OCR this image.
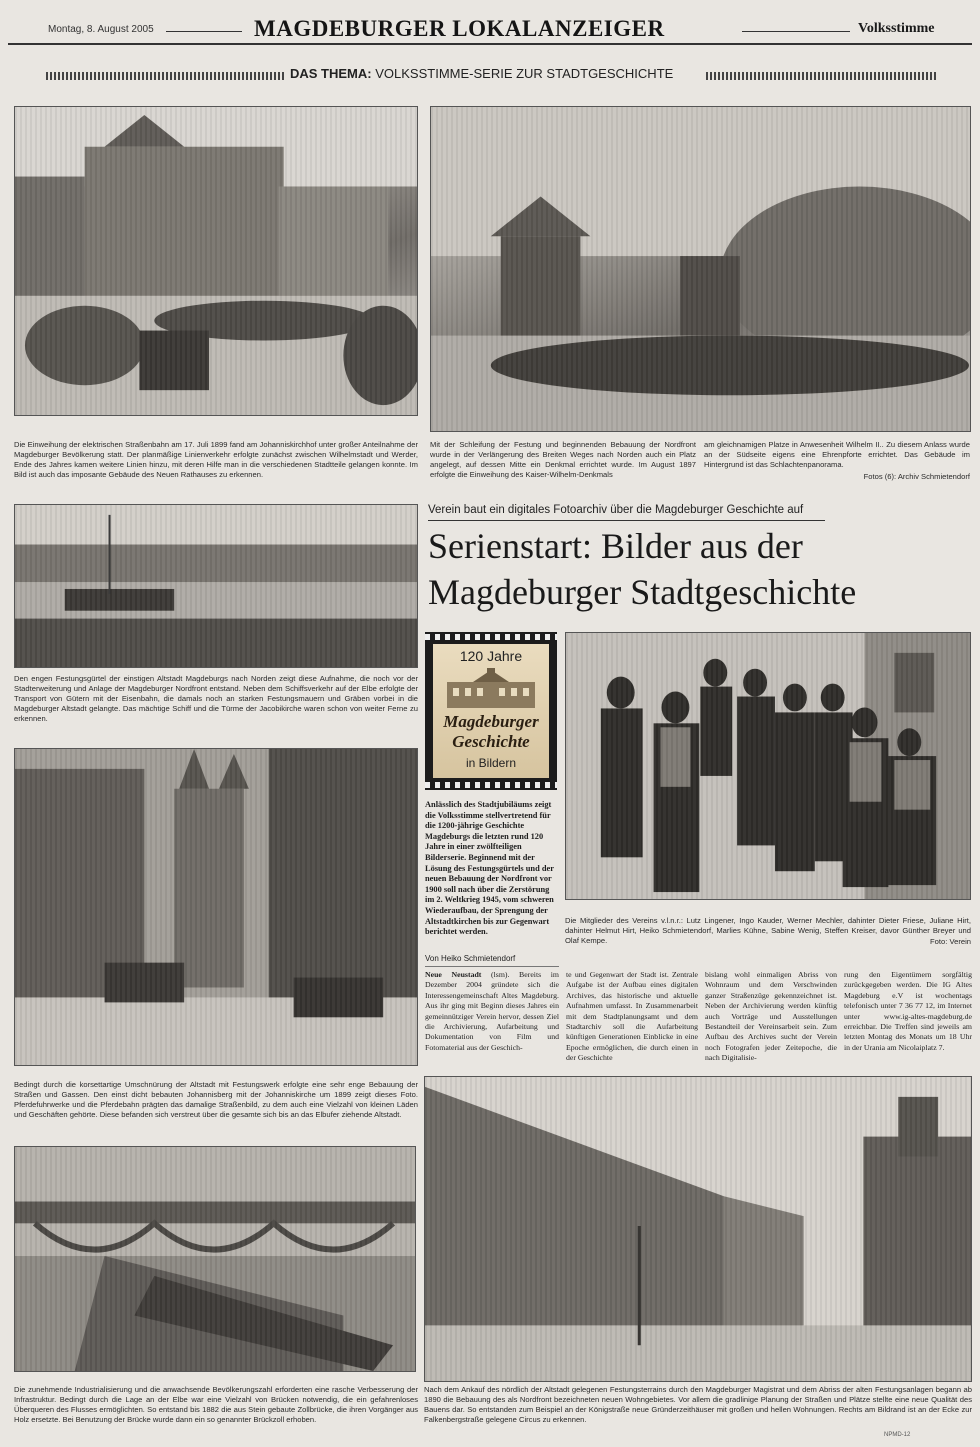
Montag, 8. August 2005	MAGDEBURGER LOKALANZEIGER	Volksstimme
DAS THEMA: VOLKSSTIMME-SERIE ZUR STADTGESCHICHTE
Die Einweihung der elektrischen Straßenbahn am 17. Juli 1899 fand am Johanniskirchhof unter großer Anteilnahme der Magdeburger Bevölkerung statt. Der planmäßige Linienverkehr erfolgte zunächst zwischen Wilhelmstadt und Werder, Ende des Jahres kamen weitere Linien hinzu, mit deren Hilfe man in die verschiedenen Stadtteile gelangen konnte. Im Bild ist auch das imposante Gebäude des Neuen Rathauses zu erkennen.
Mit der Schleifung der Festung und beginnenden Bebauung der Nordfront wurde in der Verlängerung des Breiten Weges nach Norden auch ein Platz angelegt, auf dessen Mitte ein Denkmal errichtet wurde. Im August 1897 erfolgte die Einweihung des Kaiser-Wilhelm-Denkmals
am gleichnamigen Platze in Anwesenheit Wilhelm II.. Zu diesem Anlass wurde an der Südseite eigens eine Ehrenpforte errichtet. Das Gebäude im Hintergrund ist das Schlachtenpanorama.
Fotos (6): Archiv Schmietendorf
Den engen Festungsgürtel der einstigen Altstadt Magdeburgs nach Norden zeigt diese Aufnahme, die noch vor der Stadterweiterung und Anlage der Magdeburger Nordfront entstand. Neben dem Schiffsverkehr auf der Elbe erfolgte der Transport von Gütern mit der Eisenbahn, die damals noch an starken Festungsmauern und Gräben vorbei in die Magdeburger Altstadt gelangte. Das mächtige Schiff und die Türme der Jacobikirche waren schon von weiter Ferne zu erkennen.
Bedingt durch die korsettartige Umschnürung der Altstadt mit Festungswerk erfolgte eine sehr enge Bebauung der Straßen und Gassen. Den einst dicht bebauten Johannisberg mit der Johanniskirche um 1899 zeigt dieses Foto. Pferdefuhrwerke und die Pferdebahn prägten das damalige Straßenbild, zu dem auch eine Vielzahl von kleinen Läden und Geschäften gehörte. Diese befanden sich verstreut über die gesamte sich bis an das Elbufer ziehende Altstadt.
Die zunehmende Industrialisierung und die anwachsende Bevölkerungszahl erforderten eine rasche Verbesserung der Infrastruktur. Bedingt durch die Lage an der Elbe war eine Vielzahl von Brücken notwendig, die ein gefahrenloses Überqueren des Flusses ermöglichten. So entstand bis 1882 die aus Stein gebaute Zollbrücke, die ihren Vorgänger aus Holz ersetzte. Bei Benutzung der Brücke wurde dann ein so genannter Brückzoll erhoben.
Verein baut ein digitales Fotoarchiv über die Magdeburger Geschichte auf
Serienstart: Bilder aus der
Magdeburger Stadtgeschichte
120 Jahre
Magdeburger
Geschichte
in Bildern
Anlässlich des Stadtjubiläums zeigt die Volksstimme stellvertretend für die 1200-jährige Geschichte Magdeburgs die letzten rund 120 Jahre in einer zwölfteiligen Bilderserie. Beginnend mit der Lösung des Festungsgürtels und der neuen Bebauung der Nordfront vor 1900 soll nach über die Zerstörung im 2. Weltkrieg 1945, vom schweren Wiederaufbau, der Sprengung der Altstadtkirchen bis zur Gegenwart berichtet werden.
Von Heiko Schmietendorf
Die Mitglieder des Vereins v.l.n.r.: Lutz Lingener, Ingo Kauder, Werner Mechler, dahinter Dieter Friese, Juliane Hirt, dahinter Helmut Hirt, Heiko Schmietendorf, Marlies Kühne, Sabine Wenig, Steffen Kreiser, davor Günther Breyer und Olaf Kempe.	Foto: Verein
Neue Neustadt (lsm). Bereits im Dezember 2004 gründete sich die Interessengemeinschaft Altes Magdeburg. Aus ihr ging mit Beginn dieses Jahres ein gemeinnütziger Verein hervor, dessen Ziel die Archivierung, Aufarbeitung und Dokumentation von Film und Fotomaterial aus der Geschich-
te und Gegenwart der Stadt ist. Zentrale Aufgabe ist der Aufbau eines digitalen Archives, das historische und aktuelle Aufnahmen umfasst. In Zusammenarbeit mit dem Stadtplanungsamt und dem Stadtarchiv soll die Aufarbeitung künftigen Generationen Einblicke in eine Epoche ermöglichen, die durch einen in der Geschichte
bislang wohl einmaligen Abriss von Wohnraum und dem Verschwinden ganzer Straßenzüge gekennzeichnet ist. Neben der Archivierung werden künftig auch Vorträge und Ausstellungen Bestandteil der Vereinsarbeit sein. Zum Aufbau des Archives sucht der Verein noch Fotografen jeder Zeitepoche, die nach Digitalisie-
rung den Eigentümern sorgfältig zurückgegeben werden. Die IG Altes Magdeburg e.V ist wochentags telefonisch unter 7 36 77 12, im Internet unter www.ig-altes-magdeburg.de erreichbar. Die Treffen sind jeweils am letzten Montag des Monats um 18 Uhr in der Urania am Nicolaiplatz 7.
Nach dem Ankauf des nördlich der Altstadt gelegenen Festungsterrains durch den Magdeburger Magistrat und dem Abriss der alten Festungsanlagen begann ab 1890 die Bebauung des als Nordfront bezeichneten neuen Wohngebietes. Vor allem die gradlinige Planung der Straßen und Plätze stellte eine neue Qualität des Bauens dar. So entstanden zum Beispiel an der Königstraße neue Gründerzeithäuser mit großen und hellen Wohnungen. Rechts am Bildrand ist an der Ecke zur Falkenbergstraße gelegene Circus zu erkennen.
NPMD-12
